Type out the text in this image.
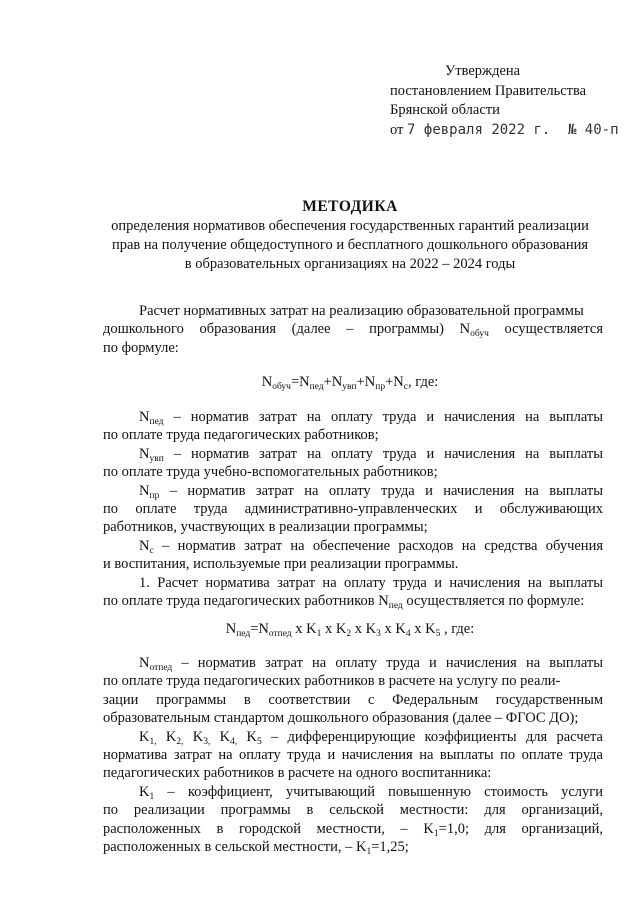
Утверждена
постановлением Правительства
Брянской области
от 7 февраля 2022 г. № 40-п
МЕТОДИКА
определения нормативов обеспечения государственных гарантий реализации
прав на получение общедоступного и бесплатного дошкольного образования
в образовательных организациях на 2022 – 2024 годы
Расчет нормативных затрат на реализацию образовательной программы
дошкольного образования (далее – программы) $N_{обуч}$ осуществляется
по формуле:
$N_{обуч}=N_{пед}+N_{увп}+N_{пр}+N_с$, где:
$N_{пед}$ – норматив затрат на оплату труда и начисления на выплаты
по оплате труда педагогических работников;
$N_{увп}$ – норматив затрат на оплату труда и начисления на выплаты
по оплате труда учебно-вспомогательных работников;
$N_{пр}$ – норматив затрат на оплату труда и начисления на выплаты
по оплате труда административно-управленческих и обслуживающих
работников, участвующих в реализации программы;
$N_с$ – норматив затрат на обеспечение расходов на средства обучения
и воспитания, используемые при реализации программы.
1. Расчет норматива затрат на оплату труда и начисления на выплаты
по оплате труда педагогических работников $N_{пед}$ осуществляется по формуле:
$N_{пед}=N_{отпед}$ x $K_1$ x $K_2$ x $K_3$ x $K_4$ x $K_5$ , где:
$N_{отпед}$ – норматив затрат на оплату труда и начисления на выплаты
по оплате труда педагогических работников в расчете на услугу по реали-
зации программы в соответствии с Федеральным государственным
образовательным стандартом дошкольного образования (далее – ФГОС ДО);
$K_{1,}$ $K_{2,}$ $K_{3,}$ $K_{4,}$ $K_5$ – дифференцирующие коэффициенты для расчета
норматива затрат на оплату труда и начисления на выплаты по оплате труда
педагогических работников в расчете на одного воспитанника:
$K_1$ – коэффициент, учитывающий повышенную стоимость услуги
по реализации программы в сельской местности: для организаций,
расположенных в городской местности, – $K_1=1,0$; для организаций,
расположенных в сельской местности, – $K_1=1,25$;
